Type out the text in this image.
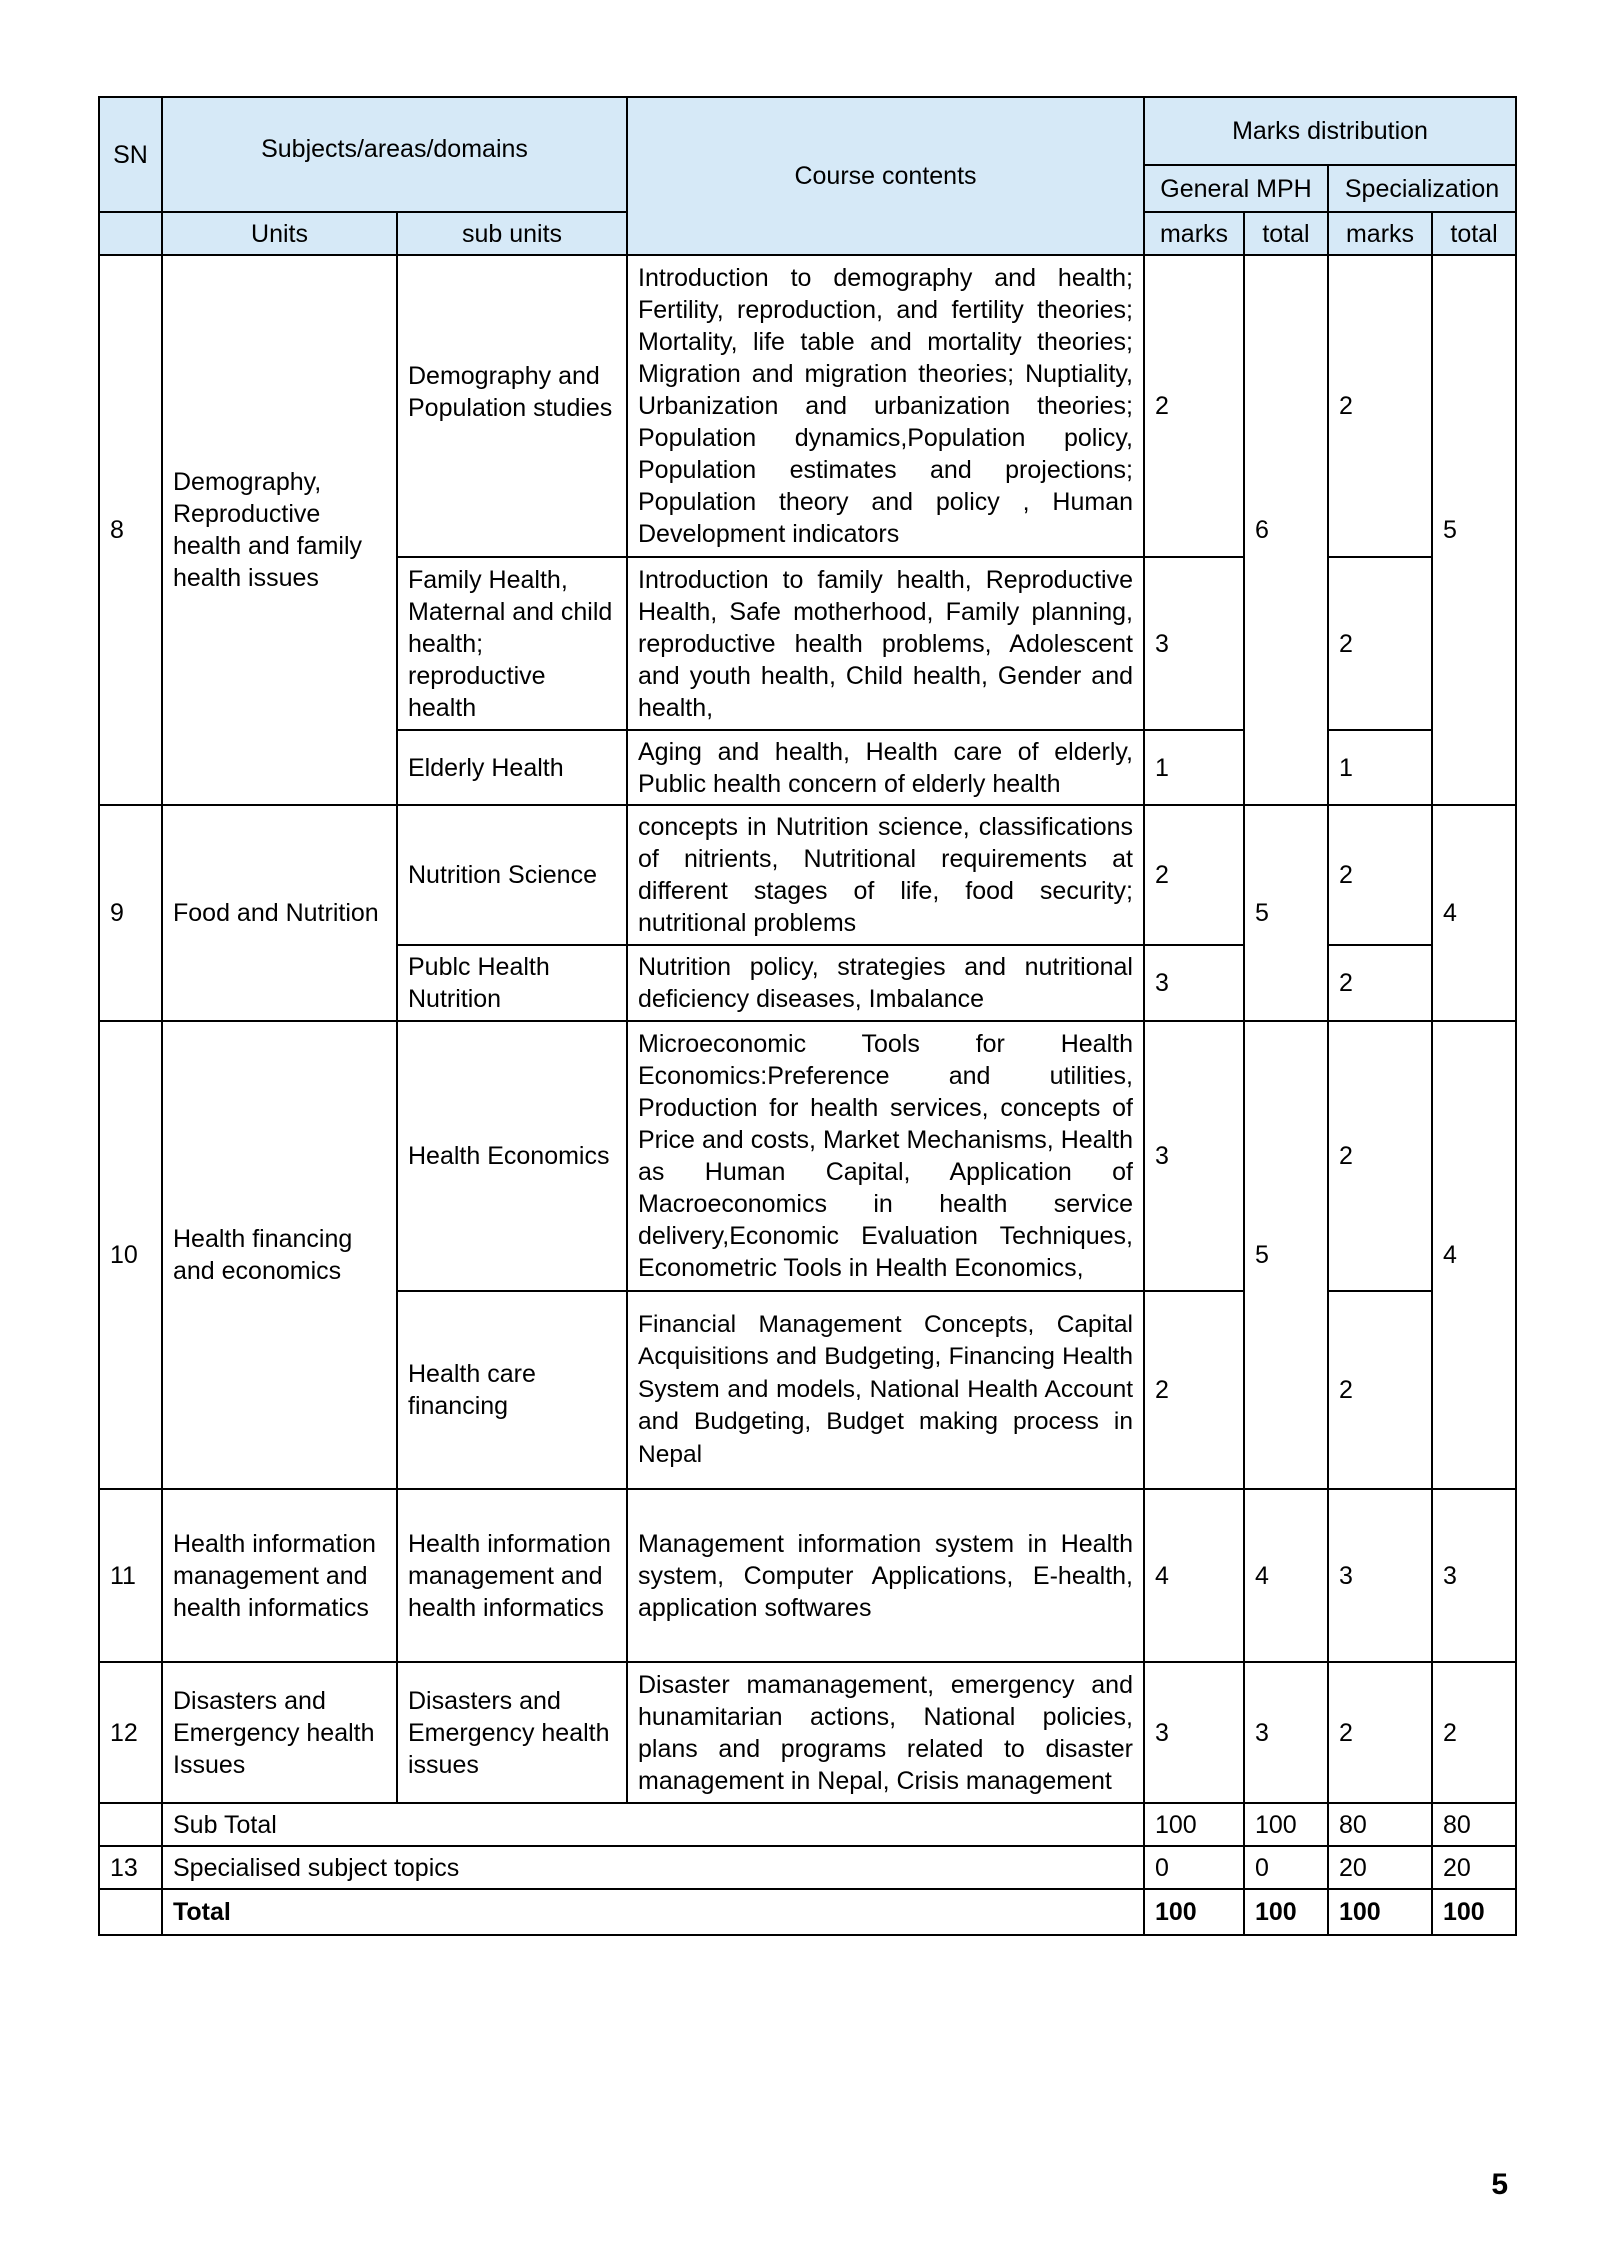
SN	Subjects/areas/domains		Course contents	Marks distribution			
				General MPH		Specialization	
	Units	sub units		marks	total	marks	total
8	Demography, Reproductive health and family health issues	Demography and Population studies	Introduction to demography and health; Fertility, reproduction, and fertility theories; Mortality, life table and mortality theories; Migration and migration theories; Nuptiality, Urbanization and urbanization theories; Population dynamics,Population policy, Population estimates and projections; Population theory and policy , Human Development indicators	2	6	2	5
		Family Health, Maternal and child health; reproductive health	Introduction to family health, Reproductive Health, Safe motherhood, Family planning, reproductive health problems, Adolescent and youth health, Child health, Gender and health,	3		2	
		Elderly Health	Aging and health, Health care of elderly, Public health concern of elderly health	1		1	
9	Food and Nutrition	Nutrition Science	concepts in Nutrition science, classifications of nitrients, Nutritional requirements at different stages of life, food security; nutritional problems	2	5	2	4
		Publc Health Nutrition	Nutrition policy, strategies and nutritional deficiency diseases, Imbalance	3		2	
10	Health financing and economics	Health Economics	Microeconomic Tools for Health Economics:Preference and utilities, Production for health services, concepts of Price and costs, Market Mechanisms, Health as Human Capital, Application of Macroeconomics in health service delivery,Economic Evaluation Techniques, Econometric Tools in Health Economics,	3	5	2	4
		Health care financing	Financial Management Concepts, Capital Acquisitions and Budgeting, Financing Health System and models, National Health Account and Budgeting, Budget making process in Nepal	2		2	
11	Health information management and health informatics	Health information management and health informatics	Management information system in Health system, Computer Applications, E-health, application softwares	4	4	3	3
12	Disasters and Emergency health Issues	Disasters and Emergency health issues	Disaster mamanagement, emergency and hunamitarian actions, National policies, plans and programs related to disaster management in Nepal, Crisis management	3	3	2	2
	Sub Total			100	100	80	80
13	Specialised subject topics			0	0	20	20
	Total			100	100	100	100
5
